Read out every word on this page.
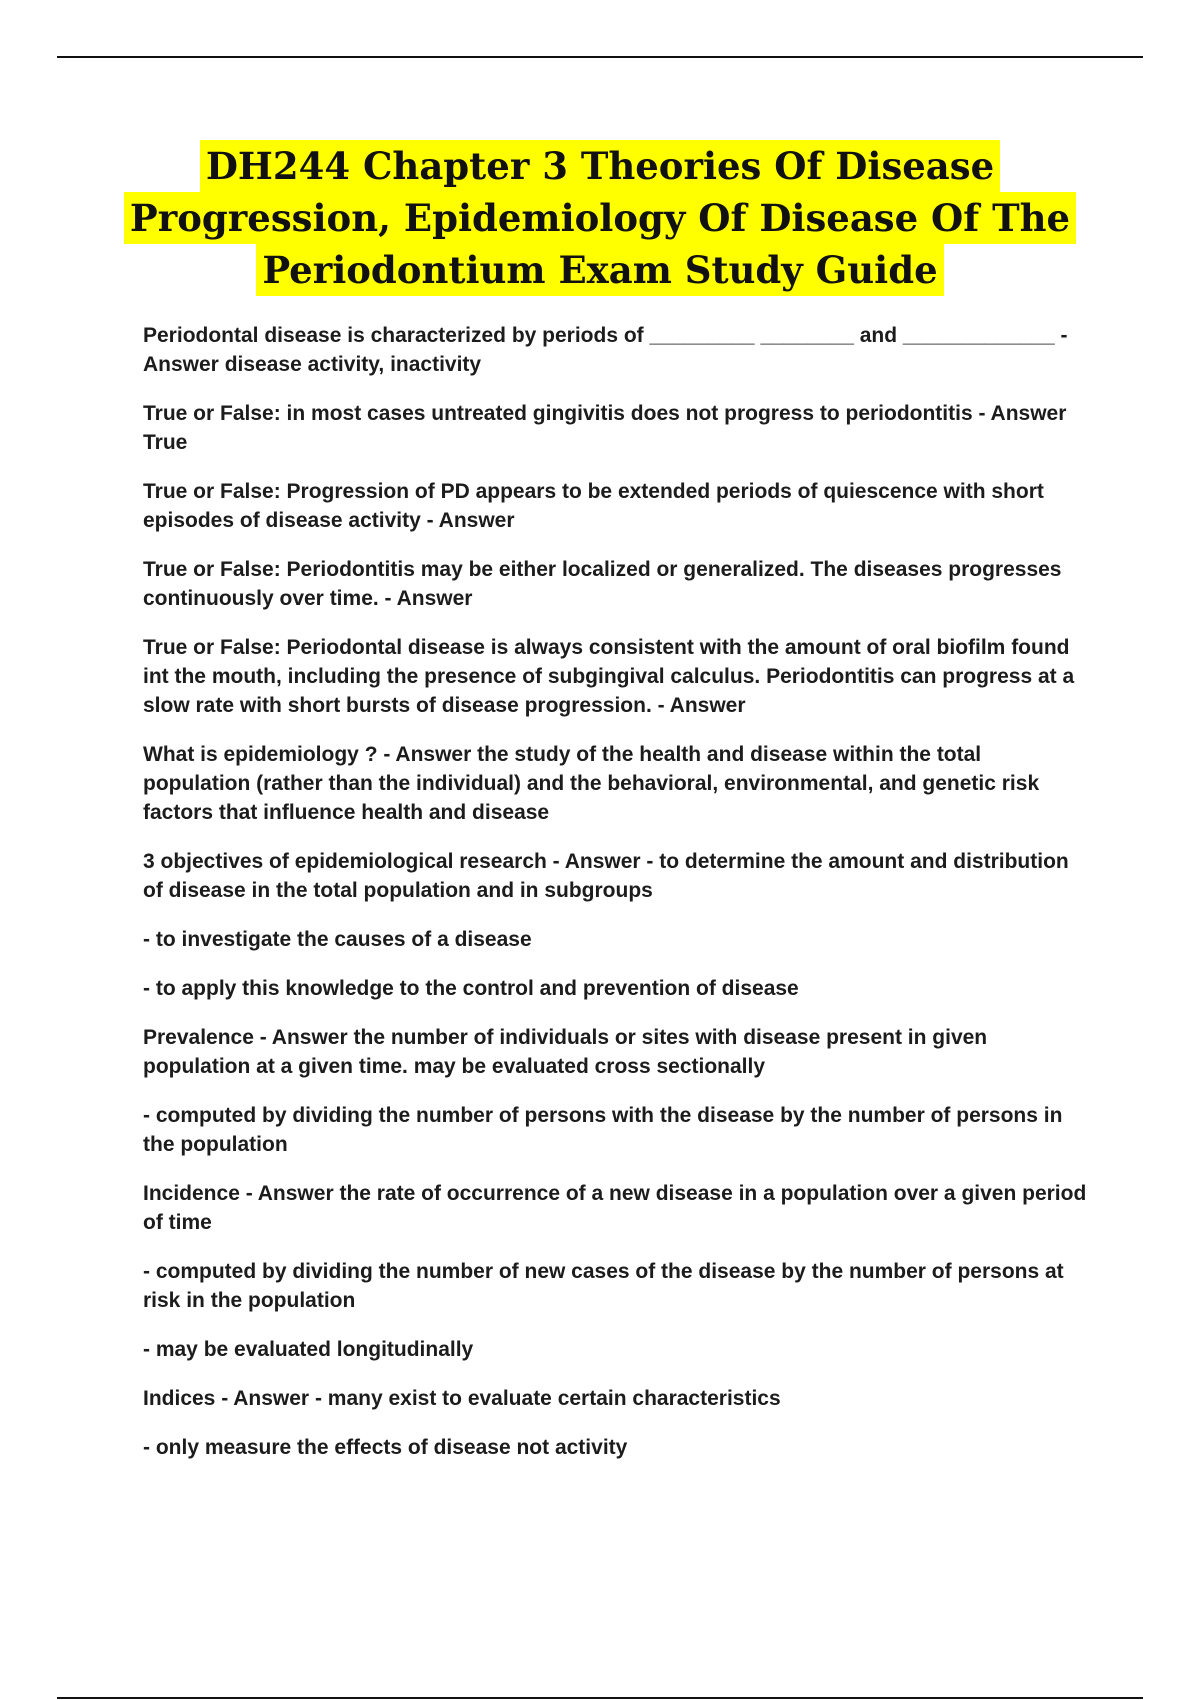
DH244 Chapter 3 Theories Of Disease
Progression, Epidemiology Of Disease Of The
Periodontium Exam Study Guide

Periodontal disease is characterized by periods of _________ ________ and _____________ - Answer disease activity, inactivity

True or False: in most cases untreated gingivitis does not progress to periodontitis - Answer True

True or False: Progression of PD appears to be extended periods of quiescence with short episodes of disease activity - Answer

True or False: Periodontitis may be either localized or generalized. The diseases progresses continuously over time. - Answer

True or False: Periodontal disease is always consistent with the amount of oral biofilm found int the mouth, including the presence of subgingival calculus. Periodontitis can progress at a slow rate with short bursts of disease progression. - Answer

What is epidemiology ? - Answer the study of the health and disease within the total population (rather than the individual) and the behavioral, environmental, and genetic risk factors that influence health and disease

3 objectives of epidemiological research - Answer - to determine the amount and distribution of disease in the total population and in subgroups

- to investigate the causes of a disease

- to apply this knowledge to the control and prevention of disease

Prevalence - Answer the number of individuals or sites with disease present in given population at a given time. may be evaluated cross sectionally

- computed by dividing the number of persons with the disease by the number of persons in the population

Incidence - Answer the rate of occurrence of a new disease in a population over a given period of time

- computed by dividing the number of new cases of the disease by the number of persons at risk in the population

- may be evaluated longitudinally

Indices - Answer - many exist to evaluate certain characteristics

- only measure the effects of disease not activity
